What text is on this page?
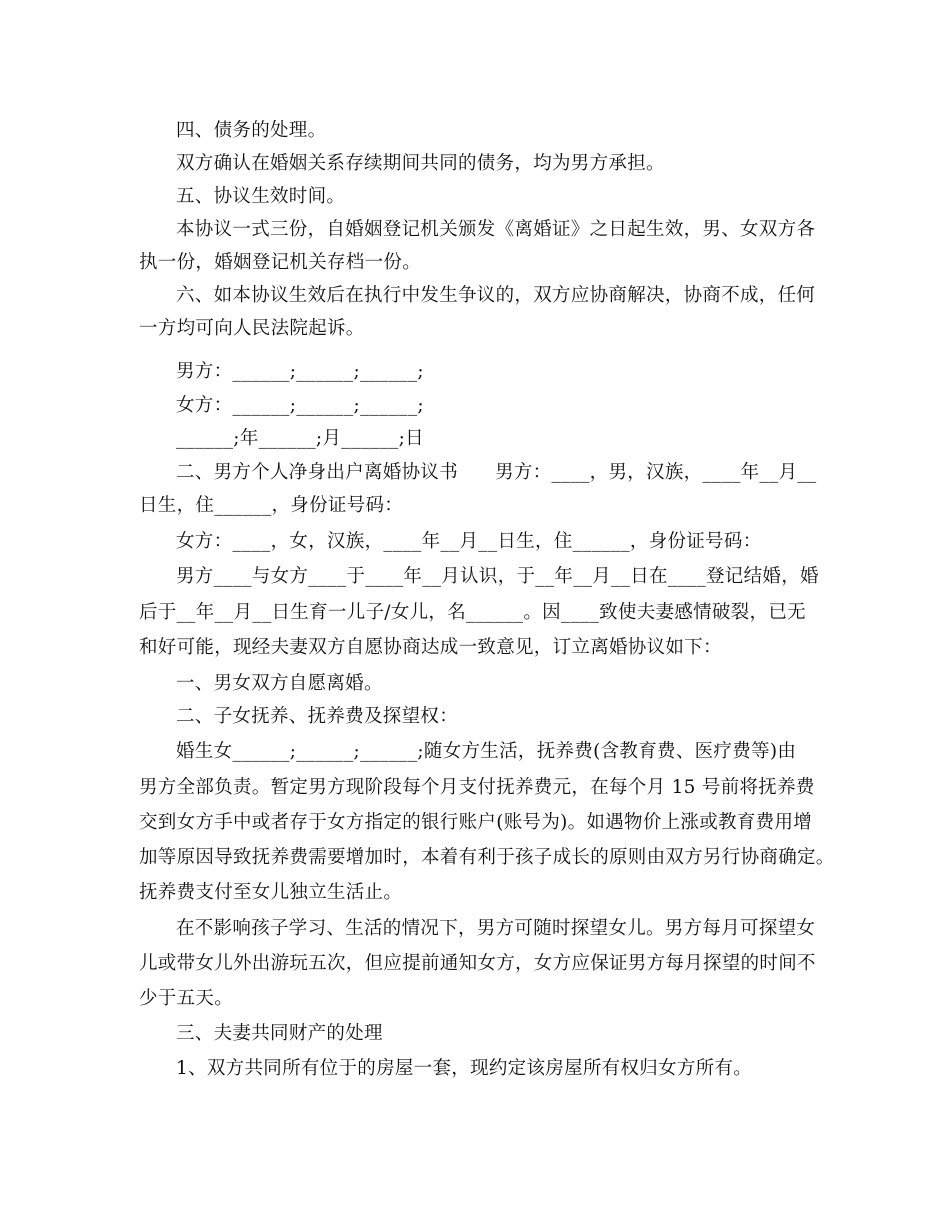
四、债务的处理。
双方确认在婚姻关系存续期间共同的债务，均为男方承担。
五、协议生效时间。
本协议一式三份，自婚姻登记机关颁发《离婚证》之日起生效，男、女双方各
执一份，婚姻登记机关存档一份。
六、如本协议生效后在执行中发生争议的，双方应协商解决，协商不成，任何
一方均可向人民法院起诉。
男方：______;______;______;
女方：______;______;______;
______;年______;月______;日
二、男方个人净身出户离婚协议书      男方：____，男，汉族，____年__月__
日生，住______，身份证号码：
女方：____，女，汉族，____年__月__日生，住______，身份证号码：
男方____与女方____于____年__月认识，于__年__月__日在____登记结婚，婚
后于__年__月__日生育一儿子/女儿，名______。因____致使夫妻感情破裂，已无
和好可能，现经夫妻双方自愿协商达成一致意见，订立离婚协议如下：
一、男女双方自愿离婚。
二、子女抚养、抚养费及探望权：
婚生女______;______;______;随女方生活，抚养费(含教育费、医疗费等)由
男方全部负责。暂定男方现阶段每个月支付抚养费元，在每个月 15 号前将抚养费
交到女方手中或者存于女方指定的银行账户(账号为)。如遇物价上涨或教育费用增
加等原因导致抚养费需要增加时，本着有利于孩子成长的原则由双方另行协商确定。
抚养费支付至女儿独立生活止。
在不影响孩子学习、生活的情况下，男方可随时探望女儿。男方每月可探望女
儿或带女儿外出游玩五次，但应提前通知女方，女方应保证男方每月探望的时间不
少于五天。
三、夫妻共同财产的处理
1、双方共同所有位于的房屋一套，现约定该房屋所有权归女方所有。
